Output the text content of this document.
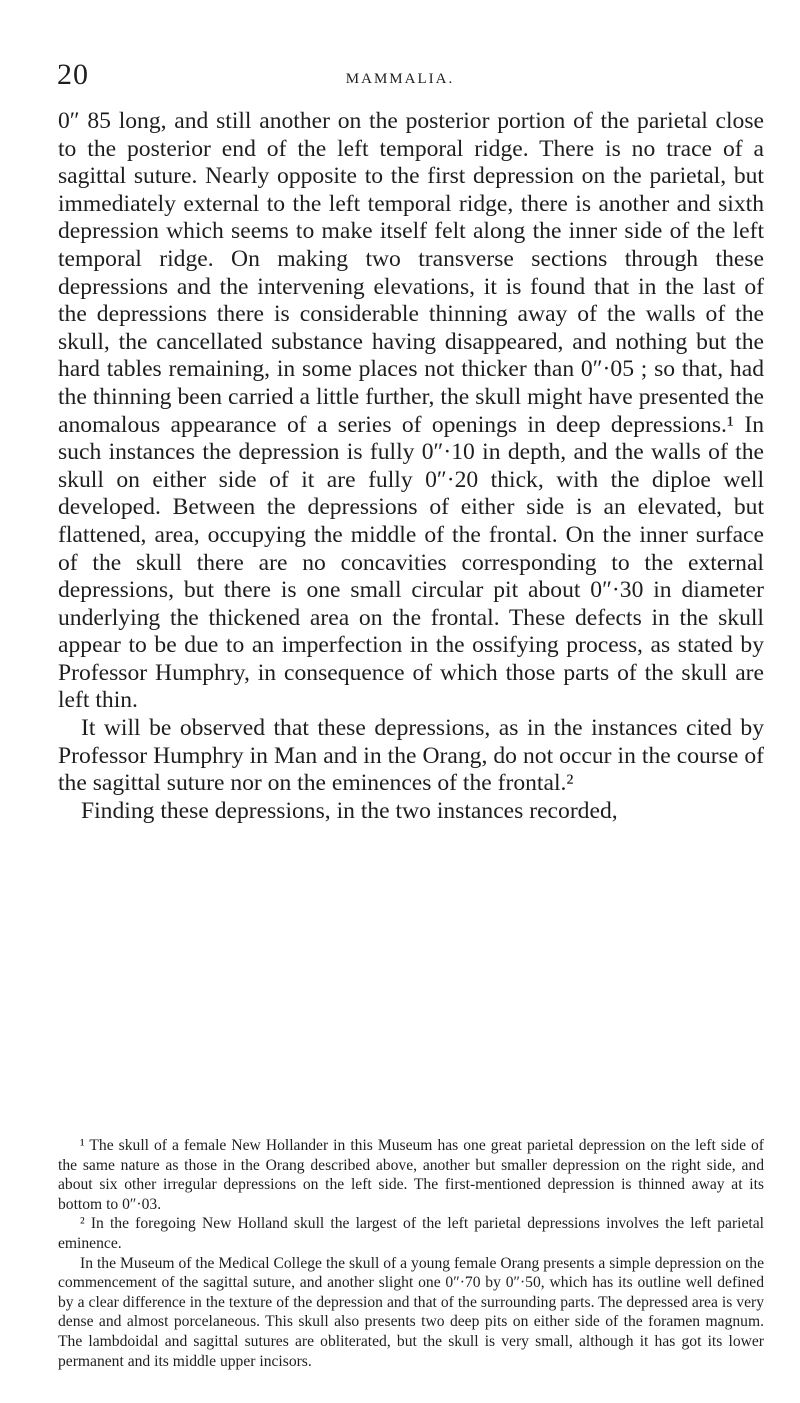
20	MAMMALIA.

0″ 85 long, and still another on the posterior portion of the parietal close to the posterior end of the left temporal ridge. There is no trace of a sagittal suture. Nearly opposite to the first depression on the parietal, but immediately external to the left temporal ridge, there is another and sixth depression which seems to make itself felt along the inner side of the left temporal ridge. On making two transverse sections through these depressions and the intervening elevations, it is found that in the last of the depressions there is considerable thinning away of the walls of the skull, the cancellated substance having disappeared, and nothing but the hard tables remaining, in some places not thicker than 0″·05 ; so that, had the thinning been carried a little further, the skull might have presented the anomalous appearance of a series of openings in deep depressions.¹ In such instances the depression is fully 0″·10 in depth, and the walls of the skull on either side of it are fully 0″·20 thick, with the diploe well developed. Between the depressions of either side is an elevated, but flattened, area, occupying the middle of the frontal. On the inner surface of the skull there are no concavities corresponding to the external depressions, but there is one small circular pit about 0″·30 in diameter underlying the thickened area on the frontal. These defects in the skull appear to be due to an imperfection in the ossifying process, as stated by Professor Humphry, in consequence of which those parts of the skull are left thin.

It will be observed that these depressions, as in the instances cited by Professor Humphry in Man and in the Orang, do not occur in the course of the sagittal suture nor on the eminences of the frontal.²

Finding these depressions, in the two instances recorded,

¹ The skull of a female New Hollander in this Museum has one great parietal depression on the left side of the same nature as those in the Orang described above, another but smaller depression on the right side, and about six other irregular depressions on the left side. The first-mentioned depression is thinned away at its bottom to 0″·03.

² In the foregoing New Holland skull the largest of the left parietal depressions involves the left parietal eminence.

In the Museum of the Medical College the skull of a young female Orang presents a simple depression on the commencement of the sagittal suture, and another slight one 0″·70 by 0″·50, which has its outline well defined by a clear difference in the texture of the depression and that of the surrounding parts. The depressed area is very dense and almost porcelaneous. This skull also presents two deep pits on either side of the foramen magnum. The lambdoidal and sagittal sutures are obliterated, but the skull is very small, although it has got its lower permanent and its middle upper incisors.
